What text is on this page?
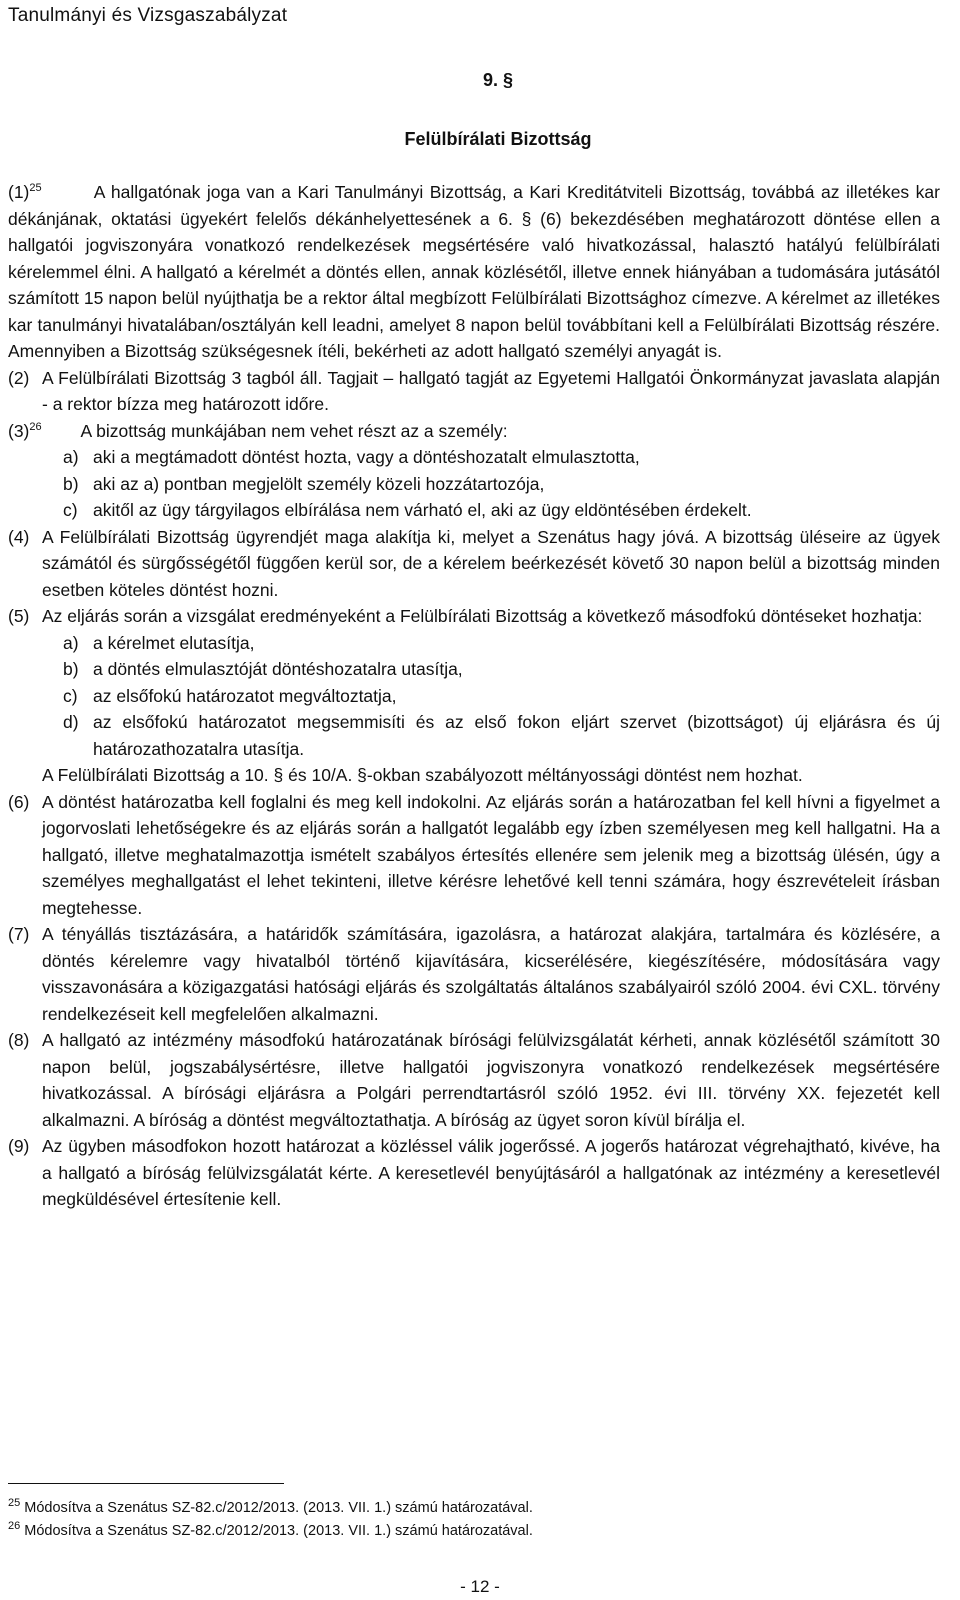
Tanulmányi és Vizsgaszabályzat
9. §
Felülbírálati Bizottság

$(1)^{25}$	A hallgatónak joga van a Kari Tanulmányi Bizottság, a Kari Kreditátviteli Bizottság, továbbá az illetékes kar dékánjának, oktatási ügyekért felelős dékánhelyettesének a 6. § (6) bekezdésében meghatározott döntése ellen a hallgatói jogviszonyára vonatkozó rendelkezések megsértésére való hivatkozással, halasztó hatályú felülbírálati kérelemmel élni. A hallgató a kérelmét a döntés ellen, annak közlésétől, illetve ennek hiányában a tudomására jutásától számított 15 napon belül nyújthatja be a rektor által megbízott Felülbírálati Bizottsághoz címezve. A kérelmet az illetékes kar tanulmányi hivatalában/osztályán kell leadni, amelyet 8 napon belül továbbítani kell a Felülbírálati Bizottság részére. Amennyiben a Bizottság szükségesnek ítéli, bekérheti az adott hallgató személyi anyagát is.

(2) A Felülbírálati Bizottság 3 tagból áll. Tagjait – hallgató tagját az Egyetemi Hallgatói Önkormányzat javaslata alapján - a rektor bízza meg határozott időre.
$(3)^{26}$ A bizottság munkájában nem vehet részt az a személy:
a) aki a megtámadott döntést hozta, vagy a döntéshozatalt elmulasztotta,
b) aki az a) pontban megjelölt személy közeli hozzátartozója,
c) akitől az ügy tárgyilagos elbírálása nem várható el, aki az ügy eldöntésében érdekelt.
(4) A Felülbírálati Bizottság ügyrendjét maga alakítja ki, melyet a Szenátus hagy jóvá. A bizottság üléseire az ügyek számától és sürgősségétől függően kerül sor, de a kérelem beérkezését követő 30 napon belül a bizottság minden esetben köteles döntést hozni.
(5) Az eljárás során a vizsgálat eredményeként a Felülbírálati Bizottság a következő másodfokú döntéseket hozhatja:
a) a kérelmet elutasítja,
b) a döntés elmulasztóját döntéshozatalra utasítja,
c) az elsőfokú határozatot megváltoztatja,
d) az elsőfokú határozatot megsemmisíti és az első fokon eljárt szervet (bizottságot) új eljárásra és új határozathozatalra utasítja.
A Felülbírálati Bizottság a 10. § és 10/A. §-okban szabályozott méltányossági döntést nem hozhat.
(6) A döntést határozatba kell foglalni és meg kell indokolni. Az eljárás során a határozatban fel kell hívni a figyelmet a jogorvoslati lehetőségekre és az eljárás során a hallgatót legalább egy ízben személyesen meg kell hallgatni. Ha a hallgató, illetve meghatalmazottja ismételt szabályos értesítés ellenére sem jelenik meg a bizottság ülésén, úgy a személyes meghallgatást el lehet tekinteni, illetve kérésre lehetővé kell tenni számára, hogy észrevételeit írásban megtehesse.
(7) A tényállás tisztázására, a határidők számítására, igazolásra, a határozat alakjára, tartalmára és közlésére, a döntés kérelemre vagy hivatalból történő kijavítására, kicserélésére, kiegészítésére, módosítására vagy visszavonására a közigazgatási hatósági eljárás és szolgáltatás általános szabályairól szóló 2004. évi CXL. törvény rendelkezéseit kell megfelelően alkalmazni.
(8) A hallgató az intézmény másodfokú határozatának bírósági felülvizsgálatát kérheti, annak közlésétől számított 30 napon belül, jogszabálysértésre, illetve hallgatói jogviszonyra vonatkozó rendelkezések megsértésére hivatkozással. A bírósági eljárásra a Polgári perrendtartásról szóló 1952. évi III. törvény XX. fejezetét kell alkalmazni. A bíróság a döntést megváltoztathatja. A bíróság az ügyet soron kívül bírálja el.
(9) Az ügyben másodfokon hozott határozat a közléssel válik jogerőssé. A jogerős határozat végrehajtható, kivéve, ha a hallgató a bíróság felülvizsgálatát kérte. A keresetlevél benyújtásáról a hallgatónak az intézmény a keresetlevél megküldésével értesítenie kell.
$^{25}$ Módosítva a Szenátus SZ-82.c/2012/2013. (2013. VII. 1.) számú határozatával.
$^{26}$ Módosítva a Szenátus SZ-82.c/2012/2013. (2013. VII. 1.) számú határozatával.
- 12 -
